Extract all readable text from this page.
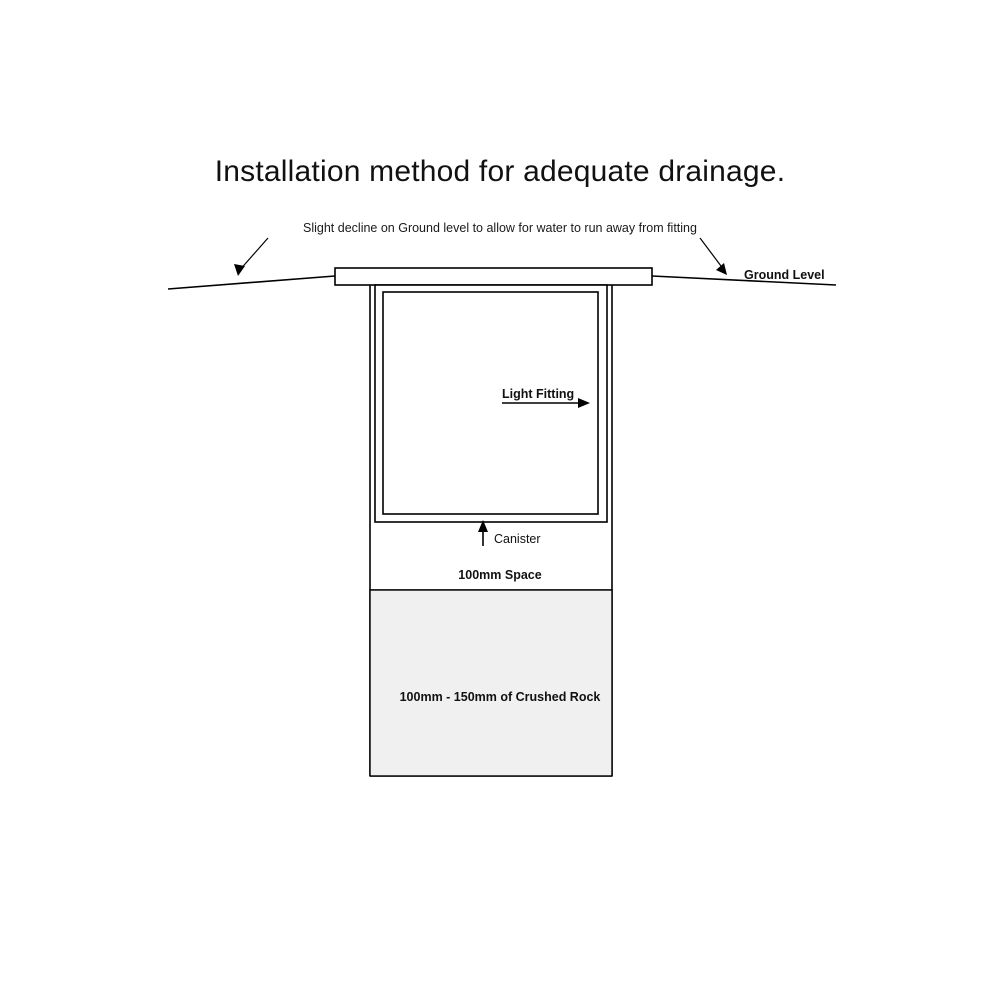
Installation method for adequate drainage.
Slight decline on Ground level to allow for water to run away from fitting
Ground Level
Light Fitting
Canister
100mm Space
100mm - 150mm of Crushed Rock
